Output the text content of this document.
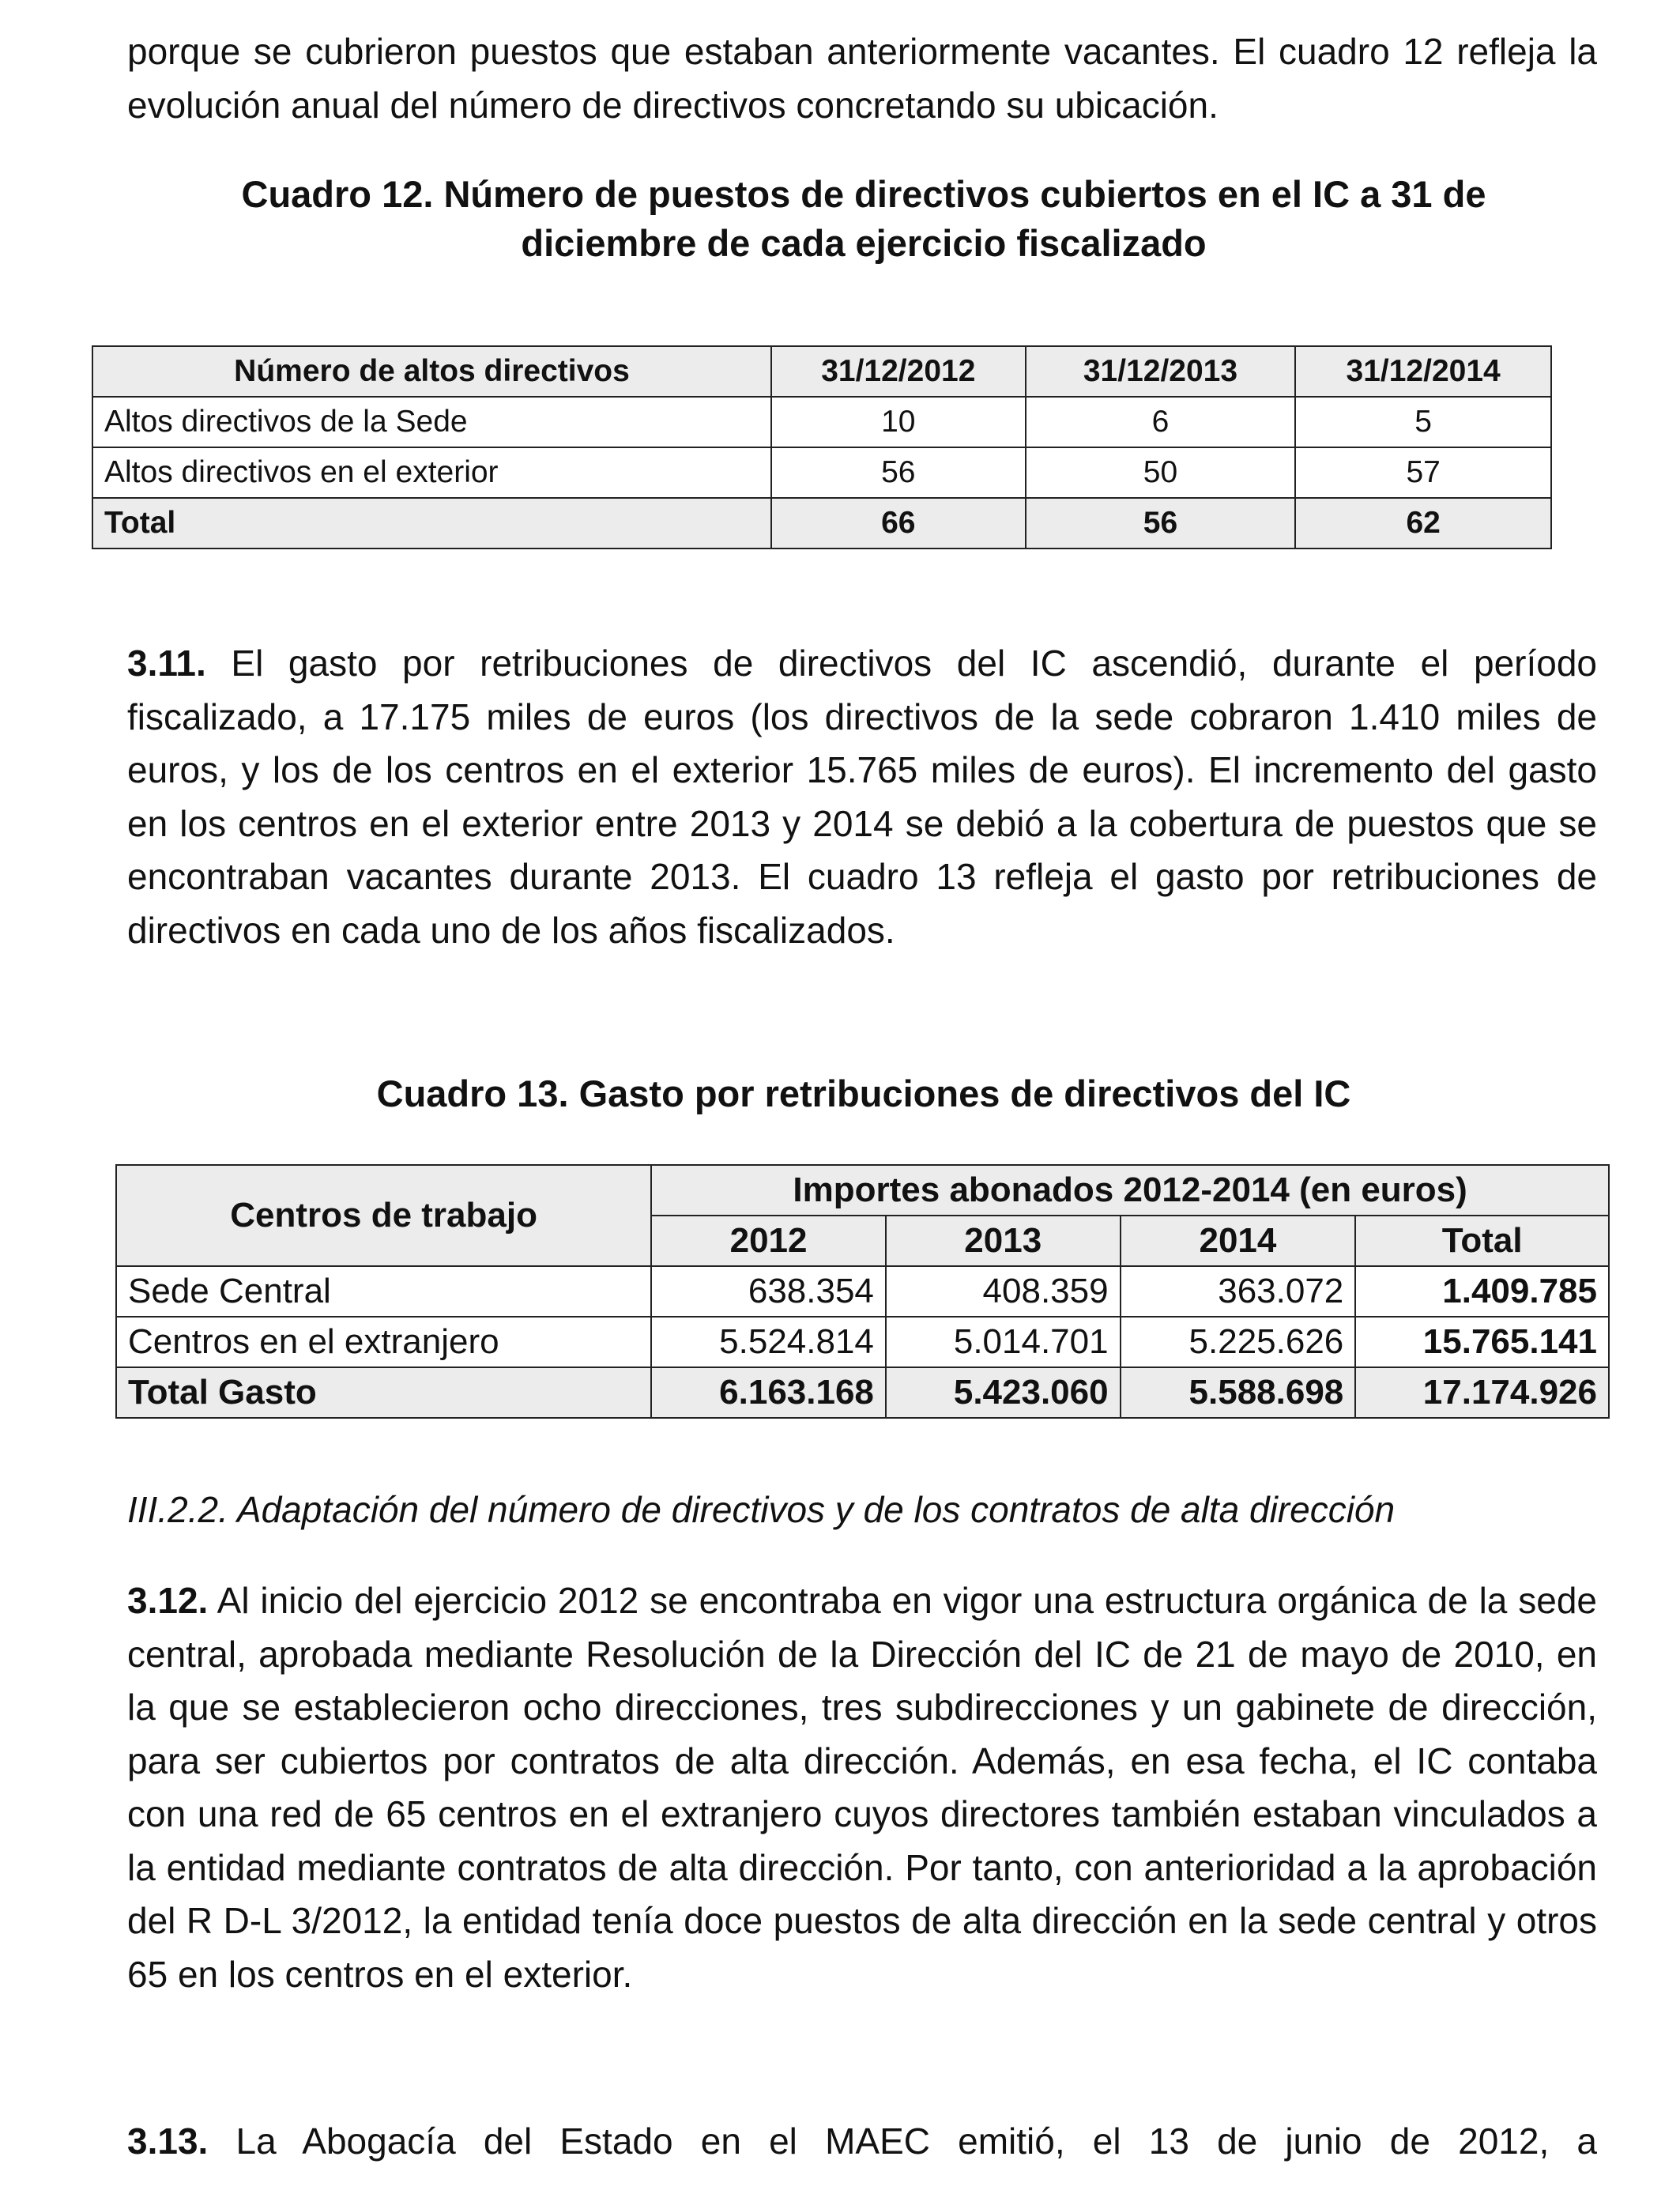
porque se cubrieron puestos que estaban anteriormente vacantes. El cuadro 12 refleja la evolución anual del número de directivos concretando su ubicación.

Cuadro 12. Número de puestos de directivos cubiertos en el IC a 31 de
diciembre de cada ejercicio fiscalizado

Número de altos directivos	31/12/2012	31/12/2013	31/12/2014
Altos directivos de la Sede	10	6	5
Altos directivos en el exterior	56	50	57
Total	66	56	62

3.11. El gasto por retribuciones de directivos del IC ascendió, durante el período fiscalizado, a 17.175 miles de euros (los directivos de la sede cobraron 1.410 miles de euros, y los de los centros en el exterior 15.765 miles de euros). El incremento del gasto en los centros en el exterior entre 2013 y 2014 se debió a la cobertura de puestos que se encontraban vacantes durante 2013. El cuadro 13 refleja el gasto por retribuciones de directivos en cada uno de los años fiscalizados.

Cuadro 13. Gasto por retribuciones de directivos del IC

Centros de trabajo	Importes abonados 2012-2014 (en euros)			
	2012	2013	2014	Total
Sede Central	638.354	408.359	363.072	1.409.785
Centros en el extranjero	5.524.814	5.014.701	5.225.626	15.765.141
Total Gasto	6.163.168	5.423.060	5.588.698	17.174.926

III.2.2. Adaptación del número de directivos y de los contratos de alta dirección

3.12. Al inicio del ejercicio 2012 se encontraba en vigor una estructura orgánica de la sede central, aprobada mediante Resolución de la Dirección del IC de 21 de mayo de 2010, en la que se establecieron ocho direcciones, tres subdirecciones y un gabinete de dirección, para ser cubiertos por contratos de alta dirección. Además, en esa fecha, el IC contaba con una red de 65 centros en el extranjero cuyos directores también estaban vinculados a la entidad mediante contratos de alta dirección. Por tanto, con anterioridad a la aprobación del R D-L 3/2012, la entidad tenía doce puestos de alta dirección en la sede central y otros 65 en los centros en el exterior.

3.13. La Abogacía del Estado en el MAEC emitió, el 13 de junio de 2012, a
